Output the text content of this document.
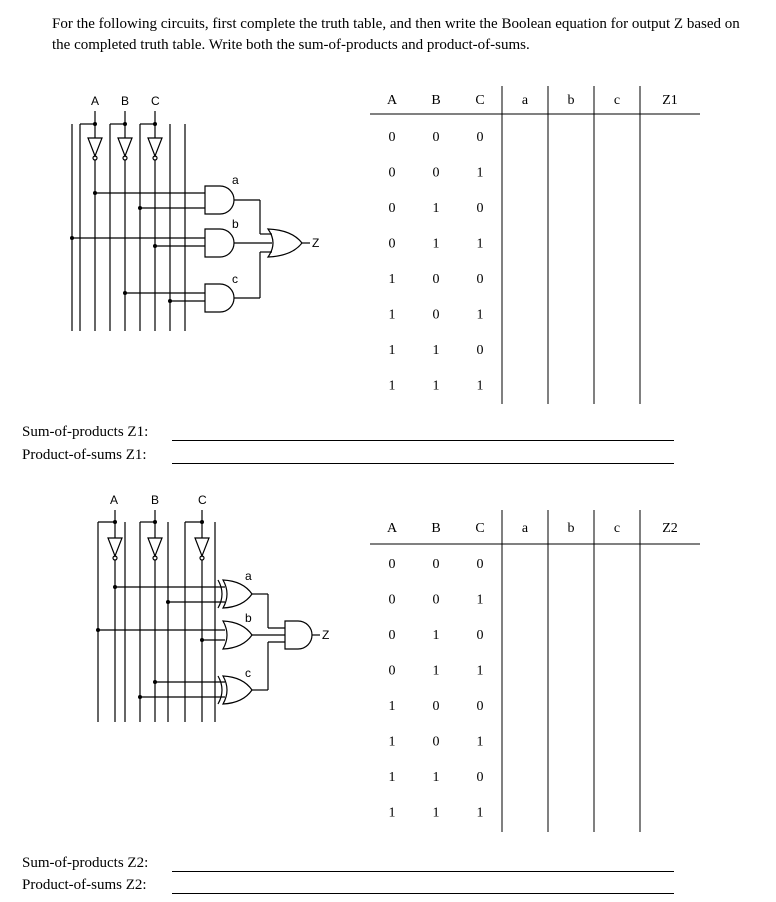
For the following circuits, first complete the truth table, and then write the Boolean equation for output Z based on the completed truth table. Write both the sum-of-products and product-of-sums.
A B C
a
b
c
Z
A B C	a	b	c	Z1
0	0	0
0	0	1
0	1	0
0	1	1
1	0	0
1	0	1
1	1	0
1	1	1
Sum-of-products Z1:
Product-of-sums Z1:
A	B	C
a
b
c
Z
A B C	a	b	c	Z2
0	0	0
0	0	1
0	1	0
0	1	1
1	0	0
1	0	1
1	1	0
1	1	1
Sum-of-products Z2:
Product-of-sums Z2:
